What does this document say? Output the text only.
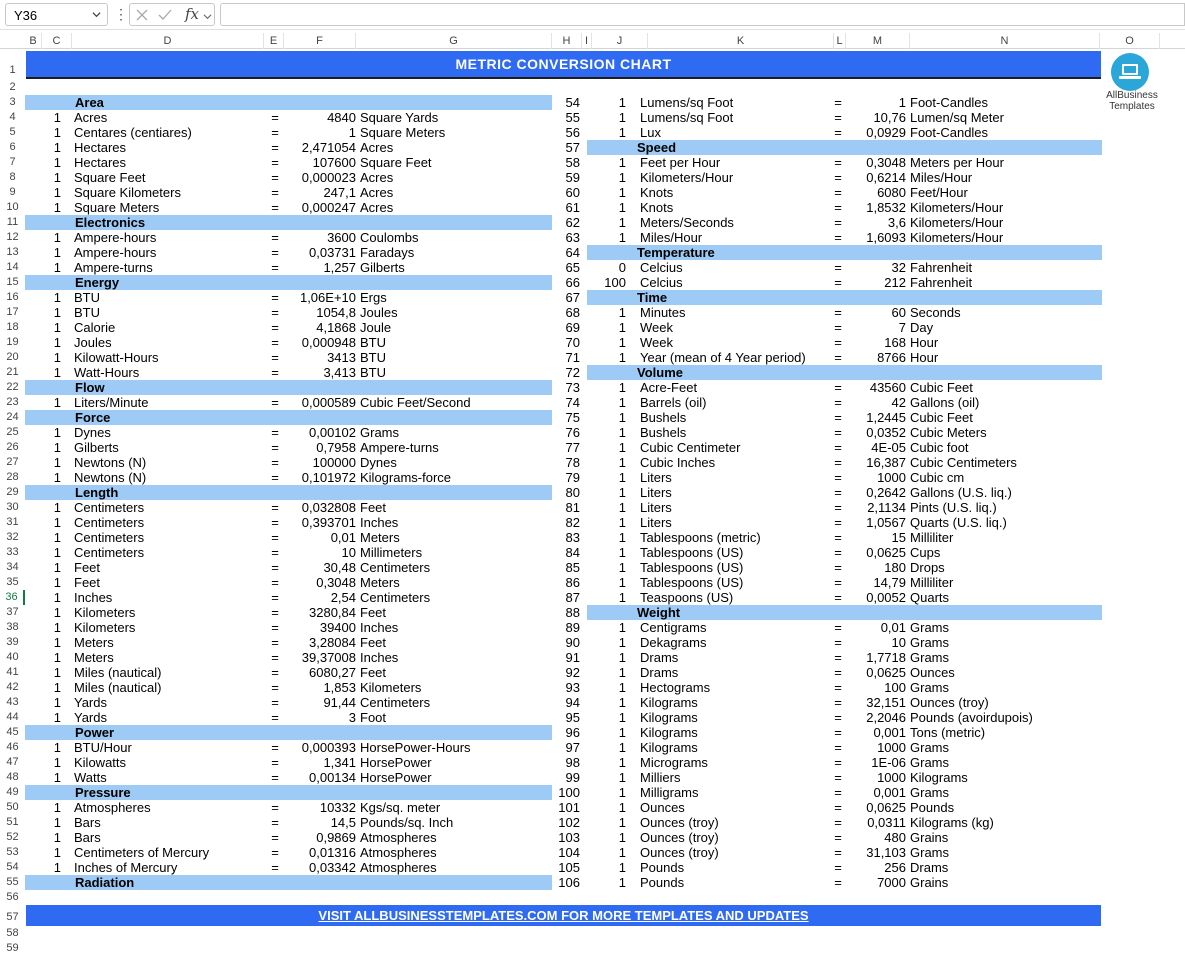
Y36	⋮	fx
B	C	D	E	F	G	H	I	J	K	L	M	N	O
1
2
3
4
5
6
7
8
9
10
11
12
13
14
15
16
17
18
19
20
21
22
23
24
25
26
27
28
29
30
31
32
33
34
35
36
37
38
39
40
41
42
43
44
45
46
47
48
49
50
51
52
53
54
55
56
57
58
59
METRIC CONVERSION CHART
AllBusiness
Templates
Area
1 Acres	=	4840 Square Yards
1 Centares (centiares)	=	1 Square Meters
1 Hectares	=	2,471054 Acres
1 Hectares	=	107600 Square Feet
1 Square Feet	=	0,000023 Acres
1 Square Kilometers	=	247,1 Acres
1 Square Meters	=	0,000247 Acres
Electronics
1 Ampere-hours	=	3600 Coulombs
1 Ampere-hours	=	0,03731 Faradays
1 Ampere-turns	=	1,257 Gilberts
Energy
1 BTU	=	1,06E+10 Ergs
1 BTU	=	1054,8 Joules
1 Calorie	=	4,1868 Joule
1 Joules	=	0,000948 BTU
1 Kilowatt-Hours	=	3413 BTU
1 Watt-Hours	=	3,413 BTU
Flow
1 Liters/Minute	=	0,000589 Cubic Feet/Second
Force
1 Dynes	=	0,00102 Grams
1 Gilberts	=	0,7958 Ampere-turns
1 Newtons (N)	=	100000 Dynes
1 Newtons (N)	=	0,101972 Kilograms-force
Length
1 Centimeters	=	0,032808 Feet
1 Centimeters	=	0,393701 Inches
1 Centimeters	=	0,01 Meters
1 Centimeters	=	10 Millimeters
1 Feet	=	30,48 Centimeters
1 Feet	=	0,3048 Meters
1 Inches	=	2,54 Centimeters
1 Kilometers	=	3280,84 Feet
1 Kilometers	=	39400 Inches
1 Meters	=	3,28084 Feet
1 Meters	=	39,37008 Inches
1 Miles (nautical)	=	6080,27 Feet
1 Miles (nautical)	=	1,853 Kilometers
1 Yards	=	91,44 Centimeters
1 Yards	=	3 Foot
Power
1 BTU/Hour	=	0,000393 HorsePower-Hours
1 Kilowatts	=	1,341 HorsePower
1 Watts	=	0,00134 HorsePower
Pressure
1 Atmospheres	=	10332 Kgs/sq. meter
1 Bars	=	14,5 Pounds/sq. Inch
1 Bars	=	0,9869 Atmospheres
1 Centimeters of Mercury	=	0,01316 Atmospheres
1 Inches of Mercury	=	0,03342 Atmospheres
Radiation
54	1 Lumens/sq Foot	=	1 Foot-Candles
55	1 Lumens/sq Foot	=	10,76 Lumen/sq Meter
56	1 Lux	=	0,0929 Foot-Candles
57	Speed
58	1 Feet per Hour	=	0,3048 Meters per Hour
59	1 Kilometers/Hour	=	0,6214 Miles/Hour
60	1 Knots	=	6080 Feet/Hour
61	1 Knots	=	1,8532 Kilometers/Hour
62	1 Meters/Seconds	=	3,6 Kilometers/Hour
63	1 Miles/Hour	=	1,6093 Kilometers/Hour
64	Temperature
65	0 Celcius	=	32 Fahrenheit
66	100 Celcius	=	212 Fahrenheit
67	Time
68	1 Minutes	=	60 Seconds
69	1 Week	=	7 Day
70	1 Week	=	168 Hour
71	1 Year (mean of 4 Year period)	=	8766 Hour
72	Volume
73	1 Acre-Feet	=	43560 Cubic Feet
74	1 Barrels (oil)	=	42 Gallons (oil)
75	1 Bushels	=	1,2445 Cubic Feet
76	1 Bushels	=	0,0352 Cubic Meters
77	1 Cubic Centimeter	=	4E-05 Cubic foot
78	1 Cubic Inches	=	16,387 Cubic Centimeters
79	1 Liters	=	1000 Cubic cm
80	1 Liters	=	0,2642 Gallons (U.S. liq.)
81	1 Liters	=	2,1134 Pints (U.S. liq.)
82	1 Liters	=	1,0567 Quarts (U.S. liq.)
83	1 Tablespoons (metric)	=	15 Milliliter
84	1 Tablespoons (US)	=	0,0625 Cups
85	1 Tablespoons (US)	=	180 Drops
86	1 Tablespoons (US)	=	14,79 Milliliter
87	1 Teaspoons (US)	=	0,0052 Quarts
88	Weight
89	1 Centigrams	=	0,01 Grams
90	1 Dekagrams	=	10 Grams
91	1 Drams	=	1,7718 Grams
92	1 Drams	=	0,0625 Ounces
93	1 Hectograms	=	100 Grams
94	1 Kilograms	=	32,151 Ounces (troy)
95	1 Kilograms	=	2,2046 Pounds (avoirdupois)
96	1 Kilograms	=	0,001 Tons (metric)
97	1 Kilograms	=	1000 Grams
98	1 Micrograms	=	1E-06 Grams
99	1 Milliers	=	1000 Kilograms
100	1 Milligrams	=	0,001 Grams
101	1 Ounces	=	0,0625 Pounds
102	1 Ounces (troy)	=	0,0311 Kilograms (kg)
103	1 Ounces (troy)	=	480 Grains
104	1 Ounces (troy)	=	31,103 Grams
105	1 Pounds	=	256 Drams
106	1 Pounds	=	7000 Grains
VISIT ALLBUSINESSTEMPLATES.COM FOR MORE TEMPLATES AND UPDATES
